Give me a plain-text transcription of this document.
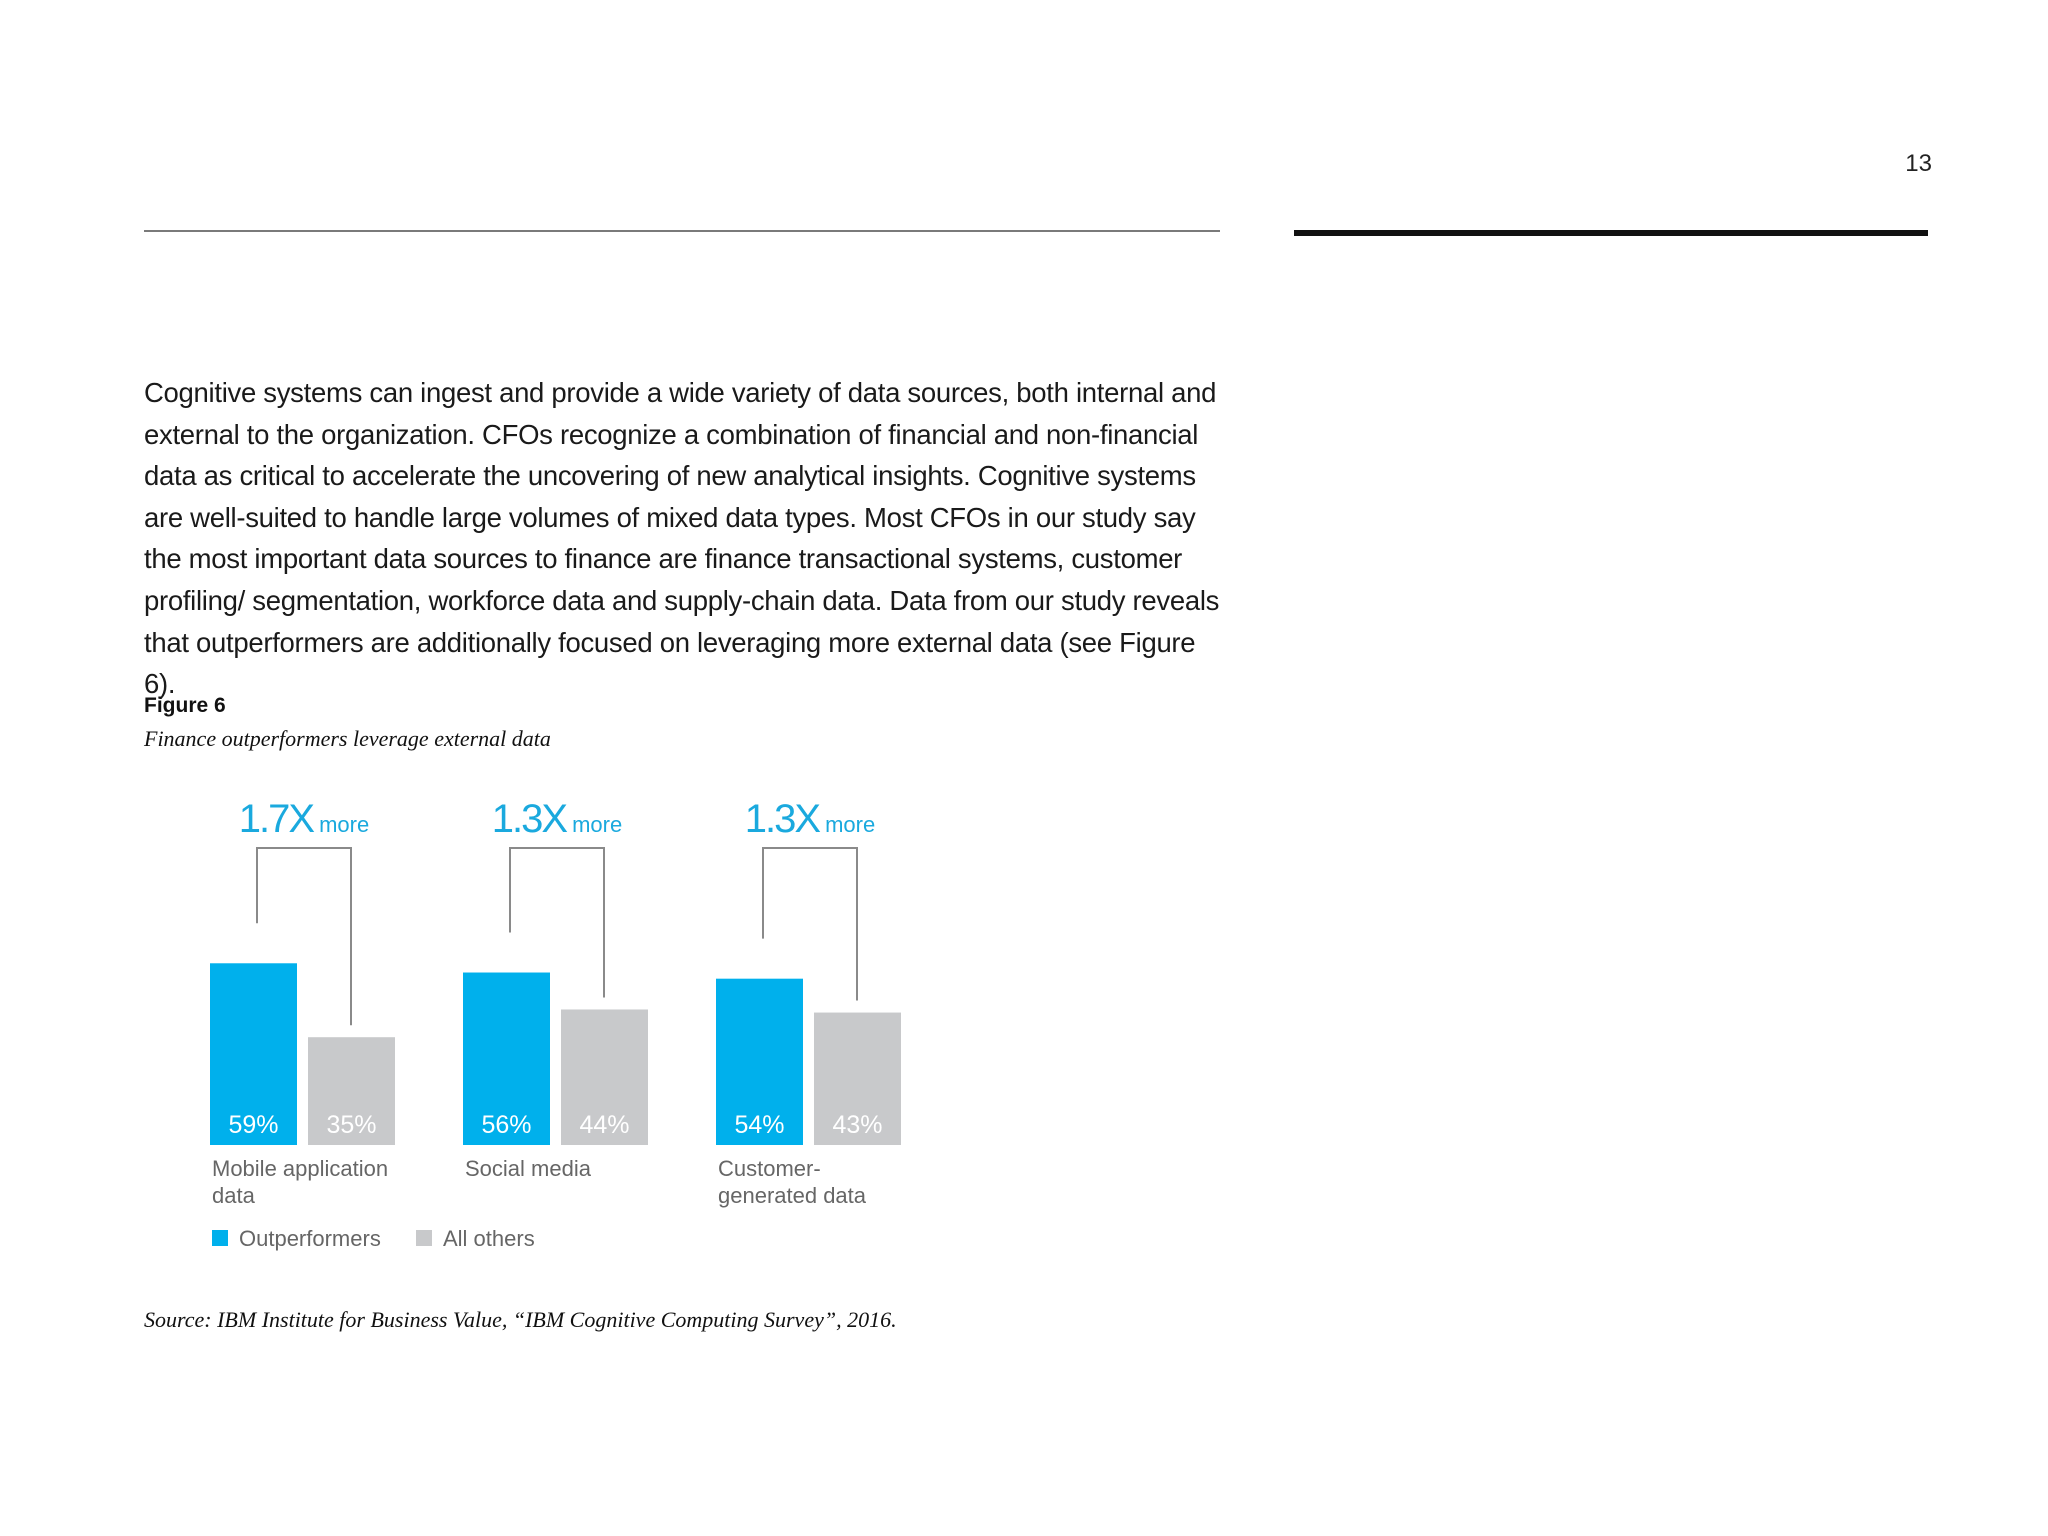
13

Cognitive systems can ingest and provide a wide variety of data sources, both internal and external to the organization. CFOs recognize a combination of financial and non-financial data as critical to accelerate the uncovering of new analytical insights. Cognitive systems are well-suited to handle large volumes of mixed data types. Most CFOs in our study say the most important data sources to finance are finance transactional systems, customer profiling/ segmentation, workforce data and supply-chain data. Data from our study reveals that outperformers are additionally focused on leveraging more external data (see Figure 6).

Figure 6
Finance outperformers leverage external data
59% 35%
1.7X more
Mobile application
data
56% 44%
1.3X more
Social media
54% 43%
1.3X more
Customer-
generated data
Outperformers	All others
Source: IBM Institute for Business Value, “IBM Cognitive Computing Survey”, 2016.
